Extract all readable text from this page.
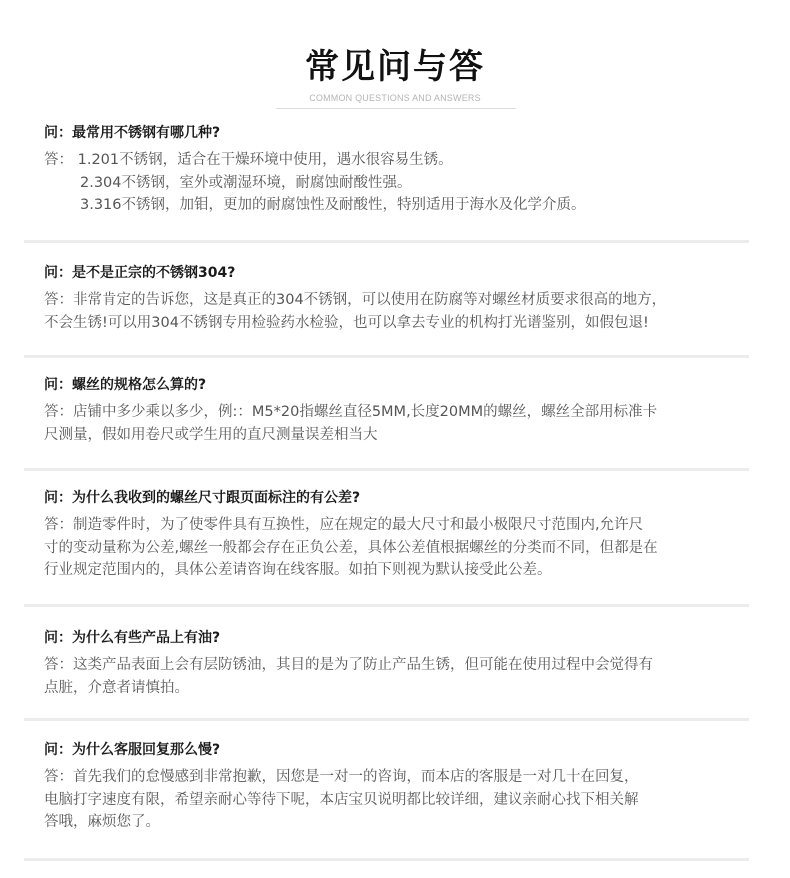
常见问与答
COMMON QUESTIONS AND ANSWERS
问：最常用不锈钢有哪几种?
答： 1.201不锈钢，适合在干燥环境中使用，遇水很容易生锈。
2.304不锈钢，室外或潮湿环境，耐腐蚀耐酸性强。
3.316不锈钢，加钼，更加的耐腐蚀性及耐酸性，特别适用于海水及化学介质。
问：是不是正宗的不锈钢304?
答：非常肯定的告诉您，这是真正的304不锈钢，可以使用在防腐等对螺丝材质要求很高的地方，
不会生锈!可以用304不锈钢专用检验药水检验，也可以拿去专业的机构打光谱鉴别，如假包退!
问：螺丝的规格怎么算的?
答：店铺中多少乘以多少，例:：M5*20指螺丝直径5MM,长度20MM的螺丝，螺丝全部用标准卡
尺测量，假如用卷尺或学生用的直尺测量误差相当大
问：为什么我收到的螺丝尺寸跟页面标注的有公差?
答：制造零件时，为了使零件具有互换性，应在规定的最大尺寸和最小极限尺寸范围内,允许尺
寸的变动量称为公差,螺丝一般都会存在正负公差，具体公差值根据螺丝的分类而不同，但都是在
行业规定范围内的，具体公差请咨询在线客服。如拍下则视为默认接受此公差。
问：为什么有些产品上有油?
答：这类产品表面上会有层防锈油，其目的是为了防止产品生锈，但可能在使用过程中会觉得有
点脏，介意者请慎拍。
问：为什么客服回复那么慢?
答：首先我们的怠慢感到非常抱歉，因您是一对一的咨询，而本店的客服是一对几十在回复，
电脑打字速度有限，希望亲耐心等待下呢，本店宝贝说明都比较详细，建议亲耐心找下相关解
答哦，麻烦您了。
